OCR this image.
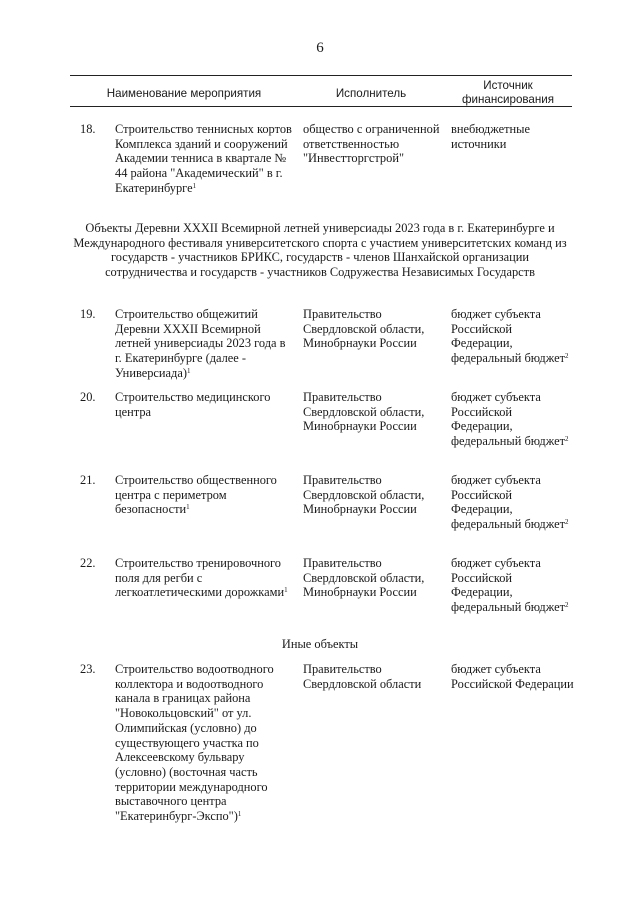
6
Наименование мероприятия	Исполнитель
Источник финансирования
18. Строительство теннисных кортов Комплекса зданий и сооружений Академии тенниса в квартале № 44 района "Академический" в г. Екатеринбурге$^1$
общество с ограниченной ответственностью "Инвестторгстрой"
внебюджетные источники
Объекты Деревни XXXII Всемирной летней универсиады 2023 года в г. Екатеринбурге и Международного фестиваля университетского спорта с участием университетских команд из государств - участников БРИКС, государств - членов Шанхайской организации сотрудничества и государств - участников Содружества Независимых Государств
19. Строительство общежитий Деревни XXXII Всемирной летней универсиады 2023 года в г. Екатеринбурге (далее - Универсиада)$^1$
Правительство Свердловской области, Минобрнауки России
бюджет субъекта Российской Федерации, федеральный бюджет$^2$
20. Строительство медицинского центра
Правительство Свердловской области, Минобрнауки России
бюджет субъекта Российской Федерации, федеральный бюджет$^2$
21. Строительство общественного центра с периметром безопасности$^1$
Правительство Свердловской области, Минобрнауки России
бюджет субъекта Российской Федерации, федеральный бюджет$^2$
22. Строительство тренировочного поля для регби с легкоатлетическими дорожками$^1$
Правительство Свердловской области, Минобрнауки России
бюджет субъекта Российской Федерации, федеральный бюджет$^2$
Иные объекты
23. Строительство водоотводного коллектора и водоотводного канала в границах района "Новокольцовский" от ул. Олимпийская (условно) до существующего участка по Алексеевскому бульвару (условно) (восточная часть территории международного выставочного центра "Екатеринбург-Экспо")$^1$
Правительство Свердловской области
бюджет субъекта Российской Федерации
